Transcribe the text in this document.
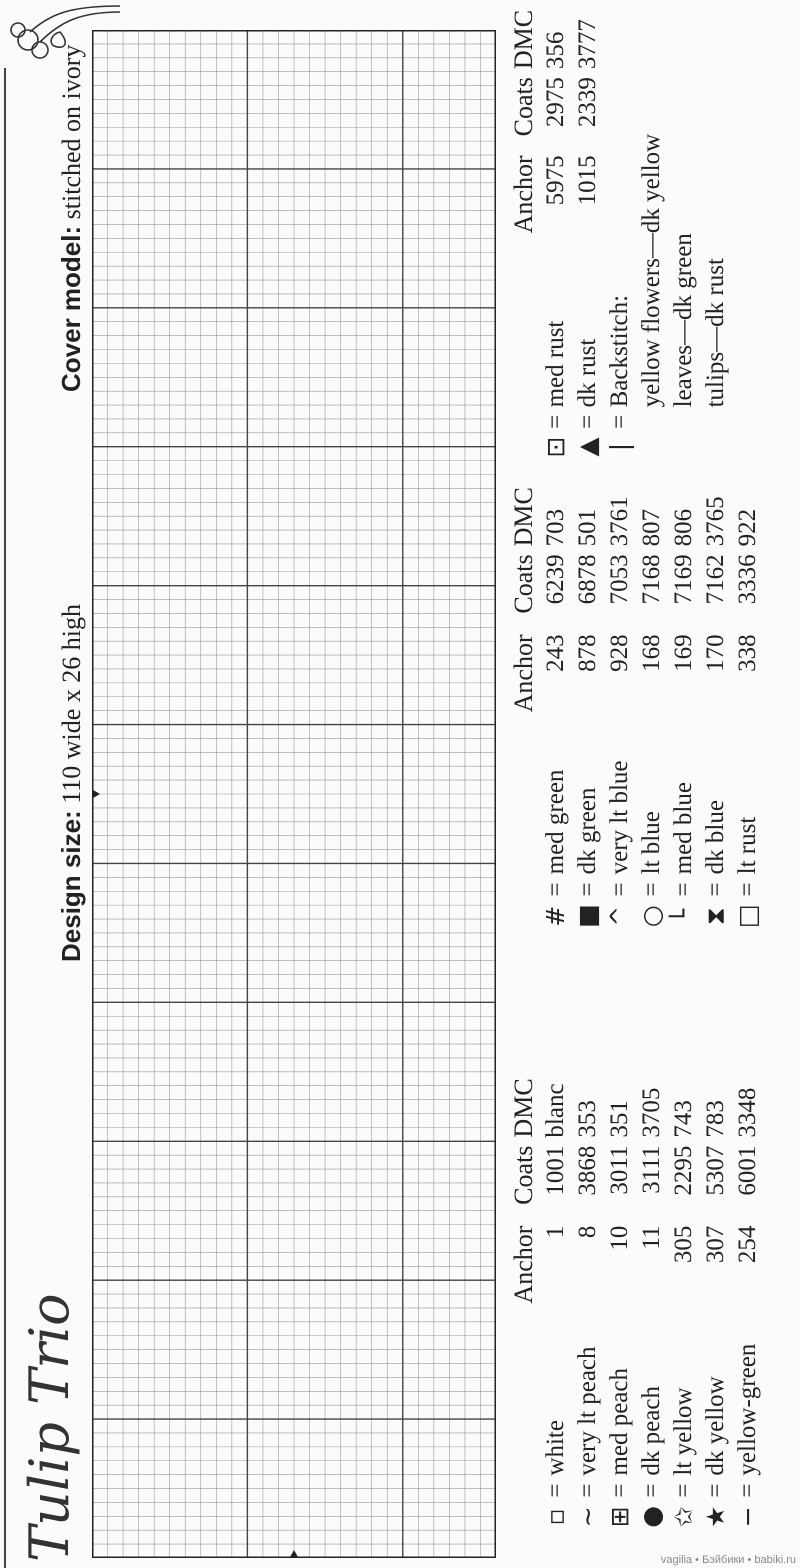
Tulip Trio
Design size: 110 wide x 26 high
Cover model: stitched on ivory
			Anchor	Coats	DMC
▫	=	white	1	1001	blanc
∼	=	very lt peach	8	3868	353
⊞	=	med peach	10	3011	351
●	=	dk peach	11	3111	3705
✩	=	lt yellow	305	2295	743
★	=	dk yellow	307	5307	783
−	=	yellow-green	254	6001	3348
			Anchor	Coats	DMC
#	=	med green	243	6239	703
■	=	dk green	878	6878	501
^	=	very lt blue	928	7053	3761
○	=	lt blue	168	7168	807
└	=	med blue	169	7169	806
⧗	=	dk blue	170	7162	3765
□	=	lt rust	338	3336	922
			Anchor	Coats	DMC
⊡	=	med rust	5975	2975	356
▲	=	dk rust	1015	2339	3777
|	=	Backstitch:			
		yellow flowers—dk yellow			
		leaves—dk green			
		tulips—dk rust			
vagilia • Бэйбики • babiki.ru
